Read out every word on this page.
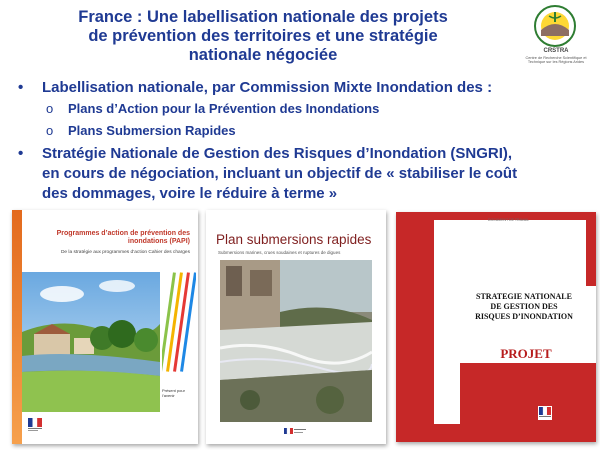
France : Une labellisation nationale des projets
de prévention des territoires et une stratégie
nationale négociée	CRSTRA
Centre de Recherche Scientifique et Technique sur les Régions Arides
• Labellisation nationale, par Commission Mixte Inondation des :
o Plans d’Action pour la Prévention des Inondations
o Plans Submersion Rapides
• Stratégie Nationale de Gestion des Risques d’Inondation (SNGRI),
en cours de négociation, incluant un objectif de « stabiliser le coût
des dommages, voire le réduire à terme »
Programmes d’action de prévention des inondations (PAPI)
De la stratégie aux programmes d’action Cahier des charges
Présent pour l’avenir
Plan submersions rapides
Submersions marines, crues soudaines et ruptures de digues
DOCUMENT DE TRAVAIL
STRATEGIE NATIONALE
DE GESTION DES
RISQUES D’INONDATION
PROJET
